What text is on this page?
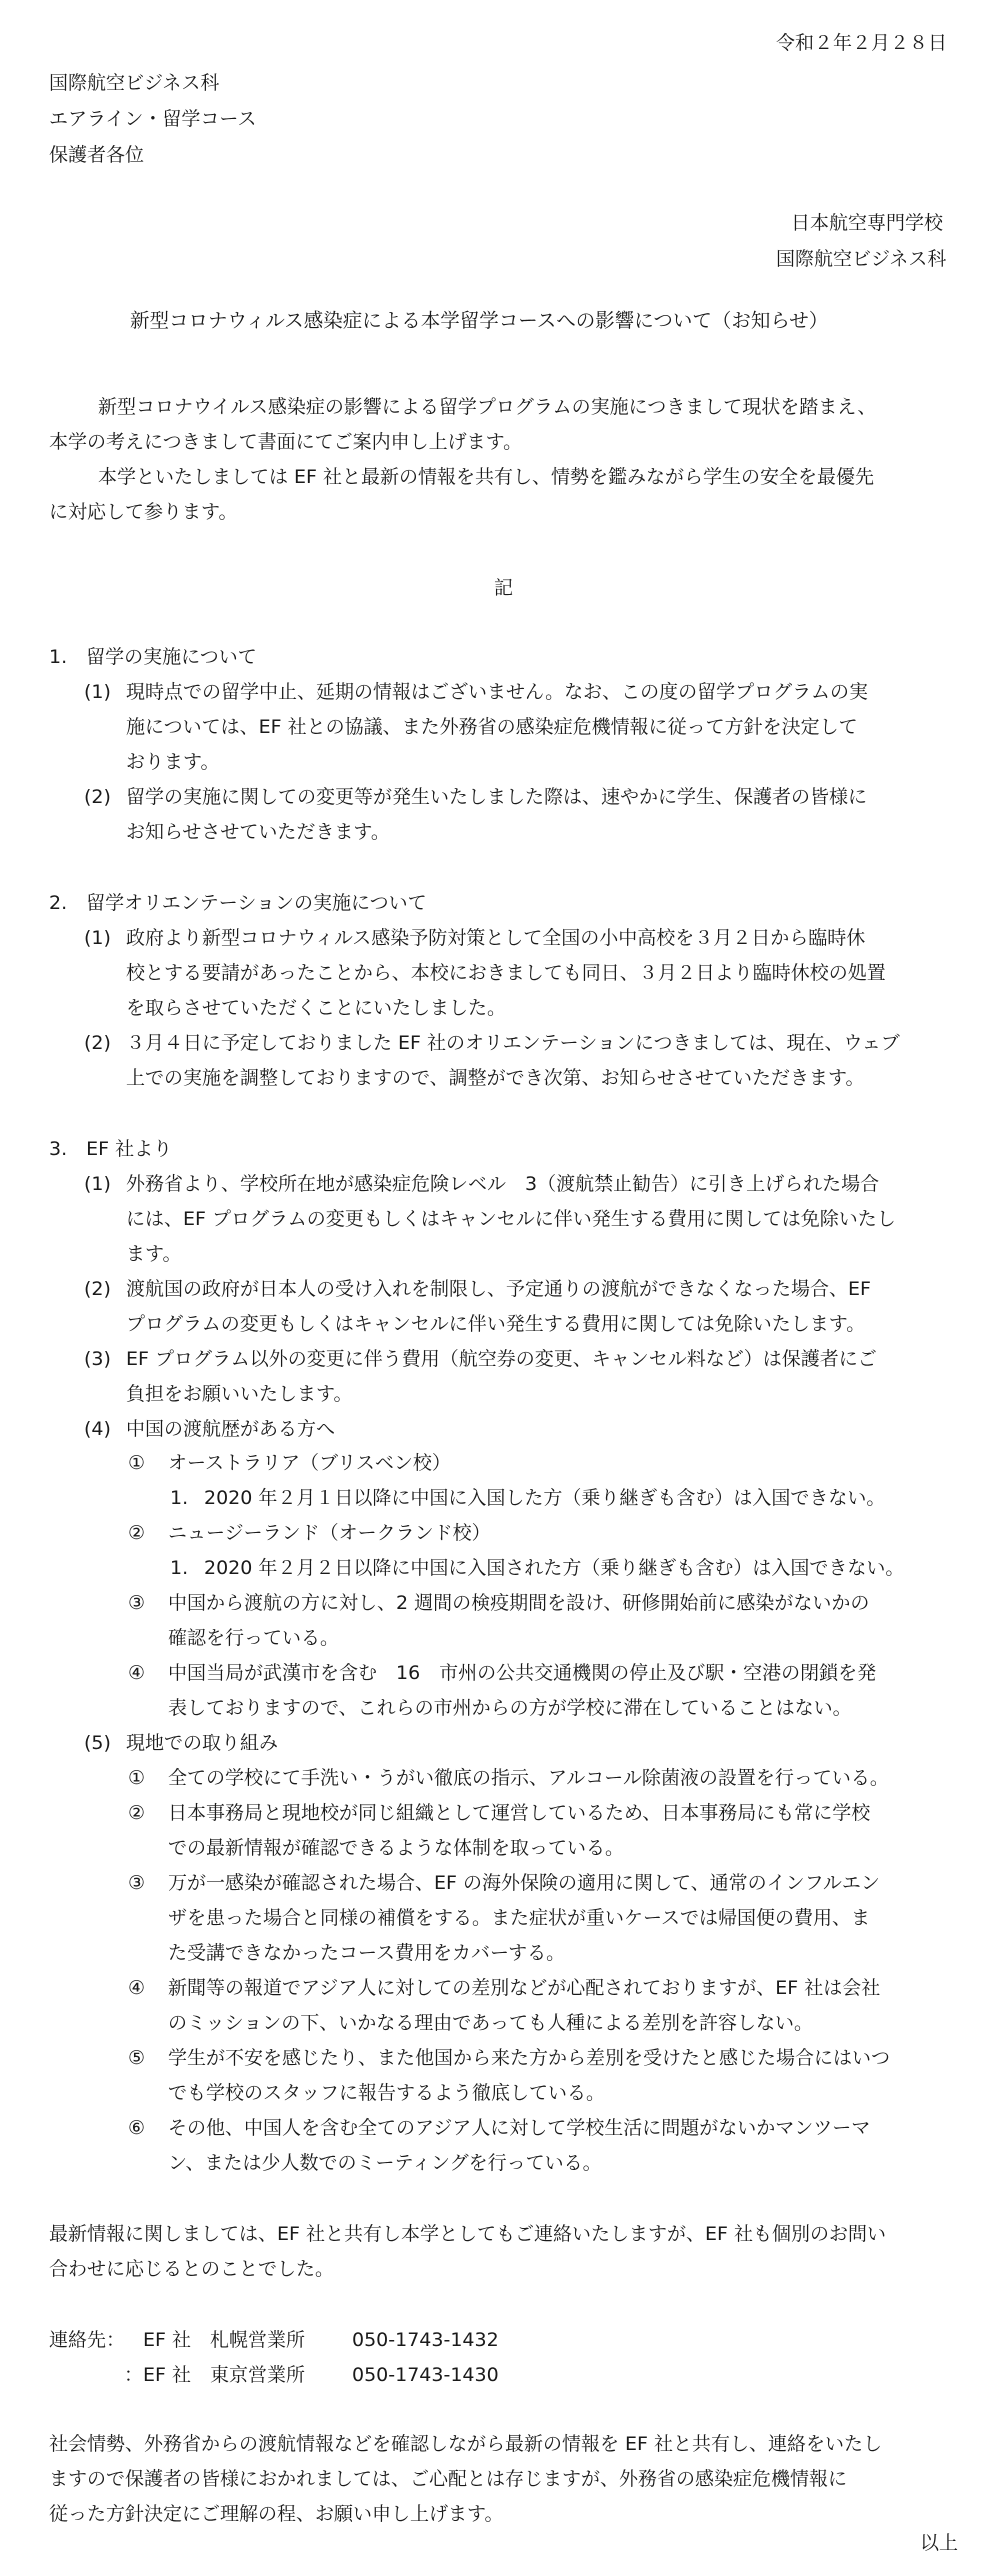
令和２年２月２８日
国際航空ビジネス科
エアライン・留学コース
保護者各位
日本航空専門学校
国際航空ビジネス科
新型コロナウィルス感染症による本学留学コースへの影響について（お知らせ）
新型コロナウイルス感染症の影響による留学プログラムの実施につきまして現状を踏まえ、
本学の考えにつきまして書面にてご案内申し上げます。
本学といたしましては EF 社と最新の情報を共有し、情勢を鑑みながら学生の安全を最優先
に対応して参ります。
記
1.　留学の実施について
(1) 現時点での留学中止、延期の情報はございません。なお、この度の留学プログラムの実
施については、EF 社との協議、また外務省の感染症危機情報に従って方針を決定して
おります。
(2) 留学の実施に関しての変更等が発生いたしました際は、速やかに学生、保護者の皆様に
お知らせさせていただきます。
2.　留学オリエンテーションの実施について
(1) 政府より新型コロナウィルス感染予防対策として全国の小中高校を３月２日から臨時休
校とする要請があったことから、本校におきましても同日、３月２日より臨時休校の処置
を取らさせていただくことにいたしました。
(2) ３月４日に予定しておりました EF 社のオリエンテーションにつきましては、現在、ウェブ
上での実施を調整しておりますので、調整ができ次第、お知らせさせていただきます。
3.　EF 社より
(1) 外務省より、学校所在地が感染症危険レベル　3（渡航禁止勧告）に引き上げられた場合
には、EF プログラムの変更もしくはキャンセルに伴い発生する費用に関しては免除いたし
ます。
(2) 渡航国の政府が日本人の受け入れを制限し、予定通りの渡航ができなくなった場合、EF
プログラムの変更もしくはキャンセルに伴い発生する費用に関しては免除いたします。
(3) EF プログラム以外の変更に伴う費用（航空券の変更、キャンセル料など）は保護者にご
負担をお願いいたします。
(4) 中国の渡航歴がある方へ
① オーストラリア（ブリスベン校）
1. 2020 年２月１日以降に中国に入国した方（乗り継ぎも含む）は入国できない。
② ニュージーランド（オークランド校）
1. 2020 年２月２日以降に中国に入国された方（乗り継ぎも含む）は入国できない。
③ 中国から渡航の方に対し、2 週間の検疫期間を設け、研修開始前に感染がないかの
確認を行っている。
④ 中国当局が武漢市を含む　16　市州の公共交通機関の停止及び駅・空港の閉鎖を発
表しておりますので、これらの市州からの方が学校に滞在していることはない。
(5) 現地での取り組み
① 全ての学校にて手洗い・うがい徹底の指示、アルコール除菌液の設置を行っている。
② 日本事務局と現地校が同じ組織として運営しているため、日本事務局にも常に学校
での最新情報が確認できるような体制を取っている。
③ 万が一感染が確認された場合、EF の海外保険の適用に関して、通常のインフルエン
ザを患った場合と同様の補償をする。また症状が重いケースでは帰国便の費用、ま
た受講できなかったコース費用をカバーする。
④ 新聞等の報道でアジア人に対しての差別などが心配されておりますが、EF 社は会社
のミッションの下、いかなる理由であっても人種による差別を許容しない。
⑤ 学生が不安を感じたり、また他国から来た方から差別を受けたと感じた場合にはいつ
でも学校のスタッフに報告するよう徹底している。
⑥ その他、中国人を含む全てのアジア人に対して学校生活に問題がないかマンツーマ
ン、または少人数でのミーティングを行っている。
最新情報に関しましては、EF 社と共有し本学としてもご連絡いたしますが、EF 社も個別のお問い
合わせに応じるとのことでした。
連絡先： EF 社　札幌営業所 050-1743-1432
： EF 社　東京営業所 050-1743-1430
社会情勢、外務省からの渡航情報などを確認しながら最新の情報を EF 社と共有し、連絡をいたし
ますので保護者の皆様におかれましては、ご心配とは存じますが、外務省の感染症危機情報に
従った方針決定にご理解の程、お願い申し上げます。
以上
